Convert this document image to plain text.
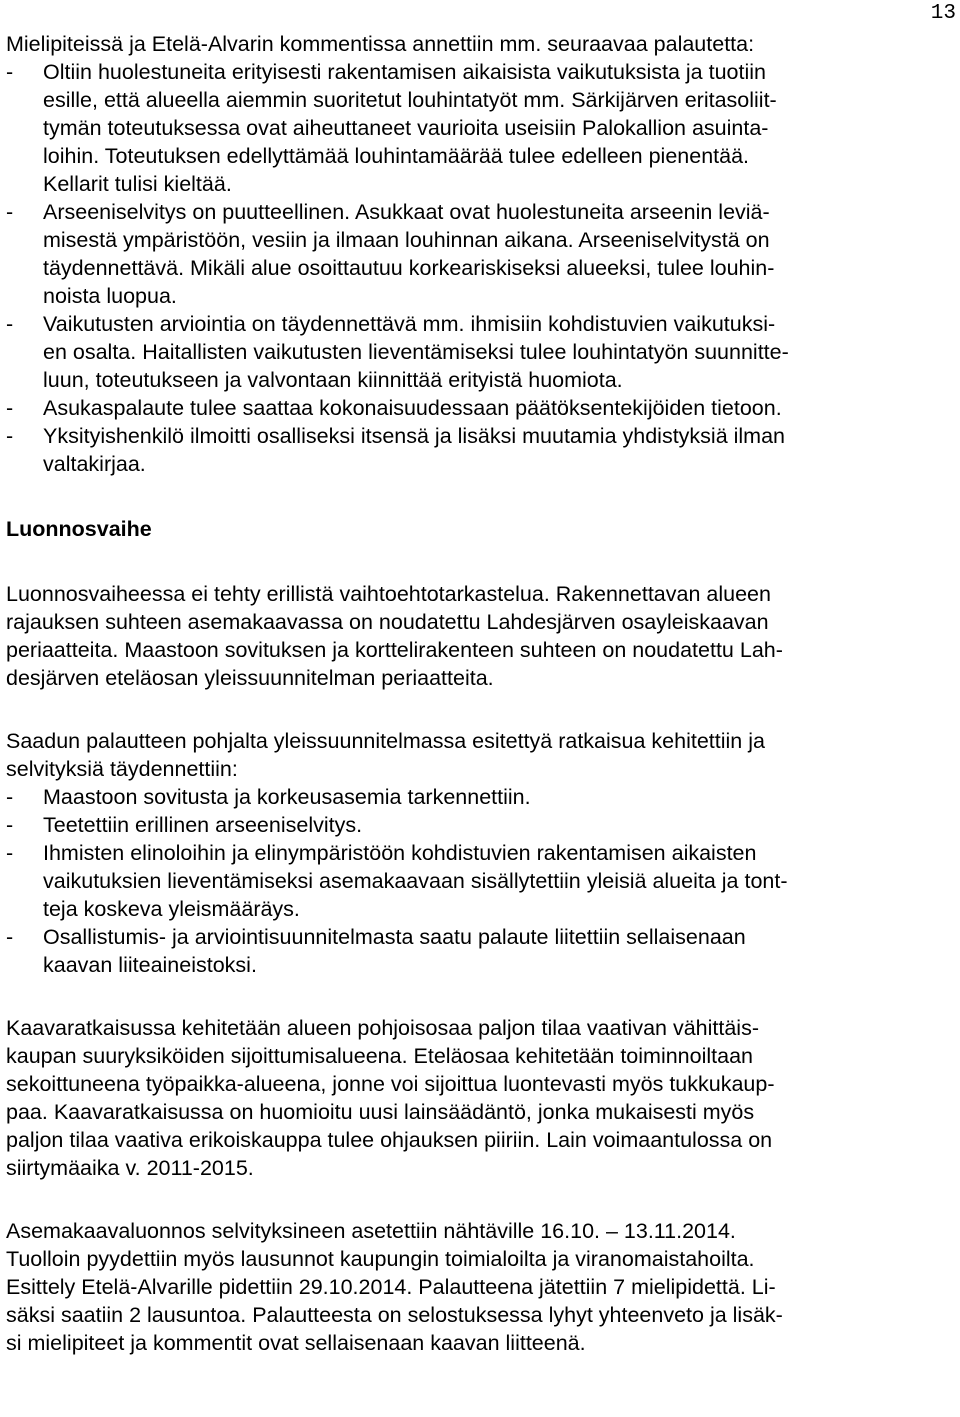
13
Mielipiteissä ja Etelä-Alvarin kommentissa annettiin mm. seuraavaa palautetta:
-	Oltiin huolestuneita erityisesti rakentamisen aikaisista vaikutuksista ja tuotiin
esille, että alueella aiemmin suoritetut louhintatyöt mm. Särkijärven eritasoliit-
tymän toteutuksessa ovat aiheuttaneet vaurioita useisiin Palokallion asuinta-
loihin. Toteutuksen edellyttämää louhintamäärää tulee edelleen pienentää.
Kellarit tulisi kieltää.
-	Arseeniselvitys on puutteellinen. Asukkaat ovat huolestuneita arseenin leviä-
misestä ympäristöön, vesiin ja ilmaan louhinnan aikana. Arseeniselvitystä on
täydennettävä. Mikäli alue osoittautuu korkeariskiseksi alueeksi, tulee louhin-
noista luopua.
-	Vaikutusten arviointia on täydennettävä mm. ihmisiin kohdistuvien vaikutuksi-
en osalta. Haitallisten vaikutusten lieventämiseksi tulee louhintatyön suunnitte-
luun, toteutukseen ja valvontaan kiinnittää erityistä huomiota.
-	Asukaspalaute tulee saattaa kokonaisuudessaan päätöksentekijöiden tietoon.
-	Yksityishenkilö ilmoitti osalliseksi itsensä ja lisäksi muutamia yhdistyksiä ilman
valtakirjaa.
Luonnosvaihe
Luonnosvaiheessa ei tehty erillistä vaihtoehtotarkastelua. Rakennettavan alueen
rajauksen suhteen asemakaavassa on noudatettu Lahdesjärven osayleiskaavan
periaatteita. Maastoon sovituksen ja korttelirakenteen suhteen on noudatettu Lah-
desjärven eteläosan yleissuunnitelman periaatteita.
Saadun palautteen pohjalta yleissuunnitelmassa esitettyä ratkaisua kehitettiin ja
selvityksiä täydennettiin:
-	Maastoon sovitusta ja korkeusasemia tarkennettiin.
-	Teetettiin erillinen arseeniselvitys.
-	Ihmisten elinoloihin ja elinympäristöön kohdistuvien rakentamisen aikaisten
vaikutuksien lieventämiseksi asemakaavaan sisällytettiin yleisiä alueita ja tont-
teja koskeva yleismääräys.
-	Osallistumis- ja arviointisuunnitelmasta saatu palaute liitettiin sellaisenaan
kaavan liiteaineistoksi.
Kaavaratkaisussa kehitetään alueen pohjoisosaa paljon tilaa vaativan vähittäis-
kaupan suuryksiköiden sijoittumisalueena. Eteläosaa kehitetään toiminnoiltaan
sekoittuneena työpaikka-alueena, jonne voi sijoittua luontevasti myös tukkukaup-
paa. Kaavaratkaisussa on huomioitu uusi lainsäädäntö, jonka mukaisesti myös
paljon tilaa vaativa erikoiskauppa tulee ohjauksen piiriin. Lain voimaantulossa on
siirtymäaika v. 2011-2015.
Asemakaavaluonnos selvityksineen asetettiin nähtäville 16.10. – 13.11.2014.
Tuolloin pyydettiin myös lausunnot kaupungin toimialoilta ja viranomaistahoilta.
Esittely Etelä-Alvarille pidettiin 29.10.2014. Palautteena jätettiin 7 mielipidettä. Li-
säksi saatiin 2 lausuntoa. Palautteesta on selostuksessa lyhyt yhteenveto ja lisäk-
si mielipiteet ja kommentit ovat sellaisenaan kaavan liitteenä.
